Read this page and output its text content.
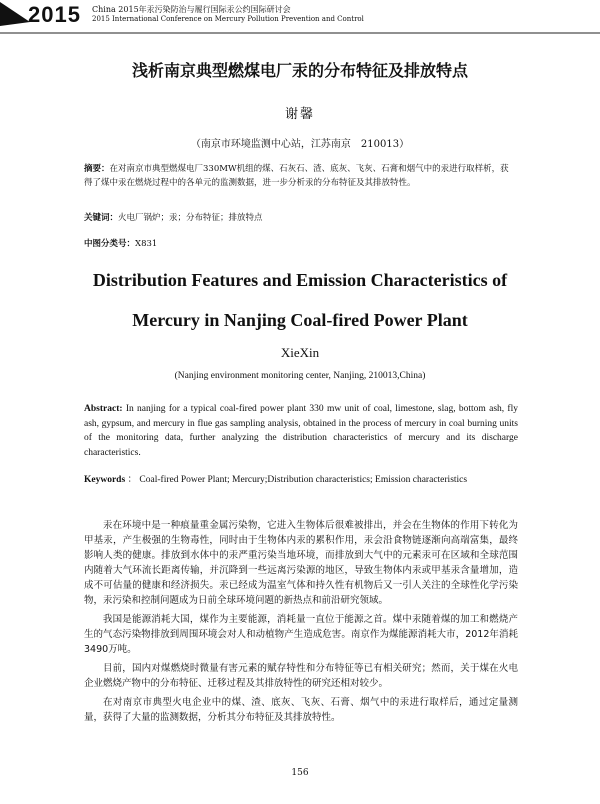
2015 China 2015年汞污染防治与履行国际汞公约国际研讨会
2015 International Conference on Mercury Pollution Prevention and Control
浅析南京典型燃煤电厂汞的分布特征及排放特点
谢馨
（南京市环境监测中心站，江苏南京　210013）
摘要：在对南京市典型燃煤电厂330MW机组的煤、石灰石、渣、底灰、飞灰、石膏和烟气中的汞进行取样析，获得了煤中汞在燃烧过程中的各单元的监测数据，进一步分析汞的分布特征及其排放特性。
关键词：火电厂锅炉；汞；分布特征；排放特点
中图分类号：X831
Distribution Features and Emission Characteristics of
Mercury in Nanjing Coal-fired Power Plant
XieXin
(Nanjing environment monitoring center, Nanjing, 210013,China)
Abstract: In nanjing for a typical coal-fired power plant 330 mw unit of coal, limestone, slag, bottom ash, fly ash, gypsum, and mercury in flue gas sampling analysis, obtained in the process of mercury in coal burning units of the monitoring data, further analyzing the distribution characteristics of mercury and its discharge characteristics.
Keywords ： Coal-fired Power Plant; Mercury;Distribution characteristics; Emission characteristics

汞在环境中是一种痕量重金属污染物，它进入生物体后很难被排出，并会在生物体的作用下转化为甲基汞，产生极强的生物毒性，同时由于生物体内汞的累积作用，汞会沿食物链逐渐向高端富集，最终影响人类的健康。排放到水体中的汞严重污染当地环境，而排放到大气中的元素汞可在区域和全球范围内随着大气环流长距离传输，并沉降到一些远离污染源的地区，导致生物体内汞或甲基汞含量增加，造成不可估量的健康和经济损失。汞已经成为温室气体和持久性有机物后又一引人关注的全球性化学污染物，汞污染和控制问题成为日前全球环境问题的新热点和前沿研究领域。

我国是能源消耗大国，煤作为主要能源，消耗量一直位于能源之首。煤中汞随着煤的加工和燃烧产生的气态污染物排放到周围环境会对人和动植物产生造成危害。南京作为煤能源消耗大市，2012年消耗3490万吨。

目前，国内对煤燃烧时微量有害元素的赋存特性和分布特征等已有相关研究；然而，关于煤在火电企业燃烧产物中的分布特征、迁移过程及其排放特性的研究还相对较少。

在对南京市典型火电企业中的煤、渣、底灰、飞灰、石膏、烟气中的汞进行取样后，通过定量测量，获得了大量的监测数据，分析其分布特征及其排放特性。

156
